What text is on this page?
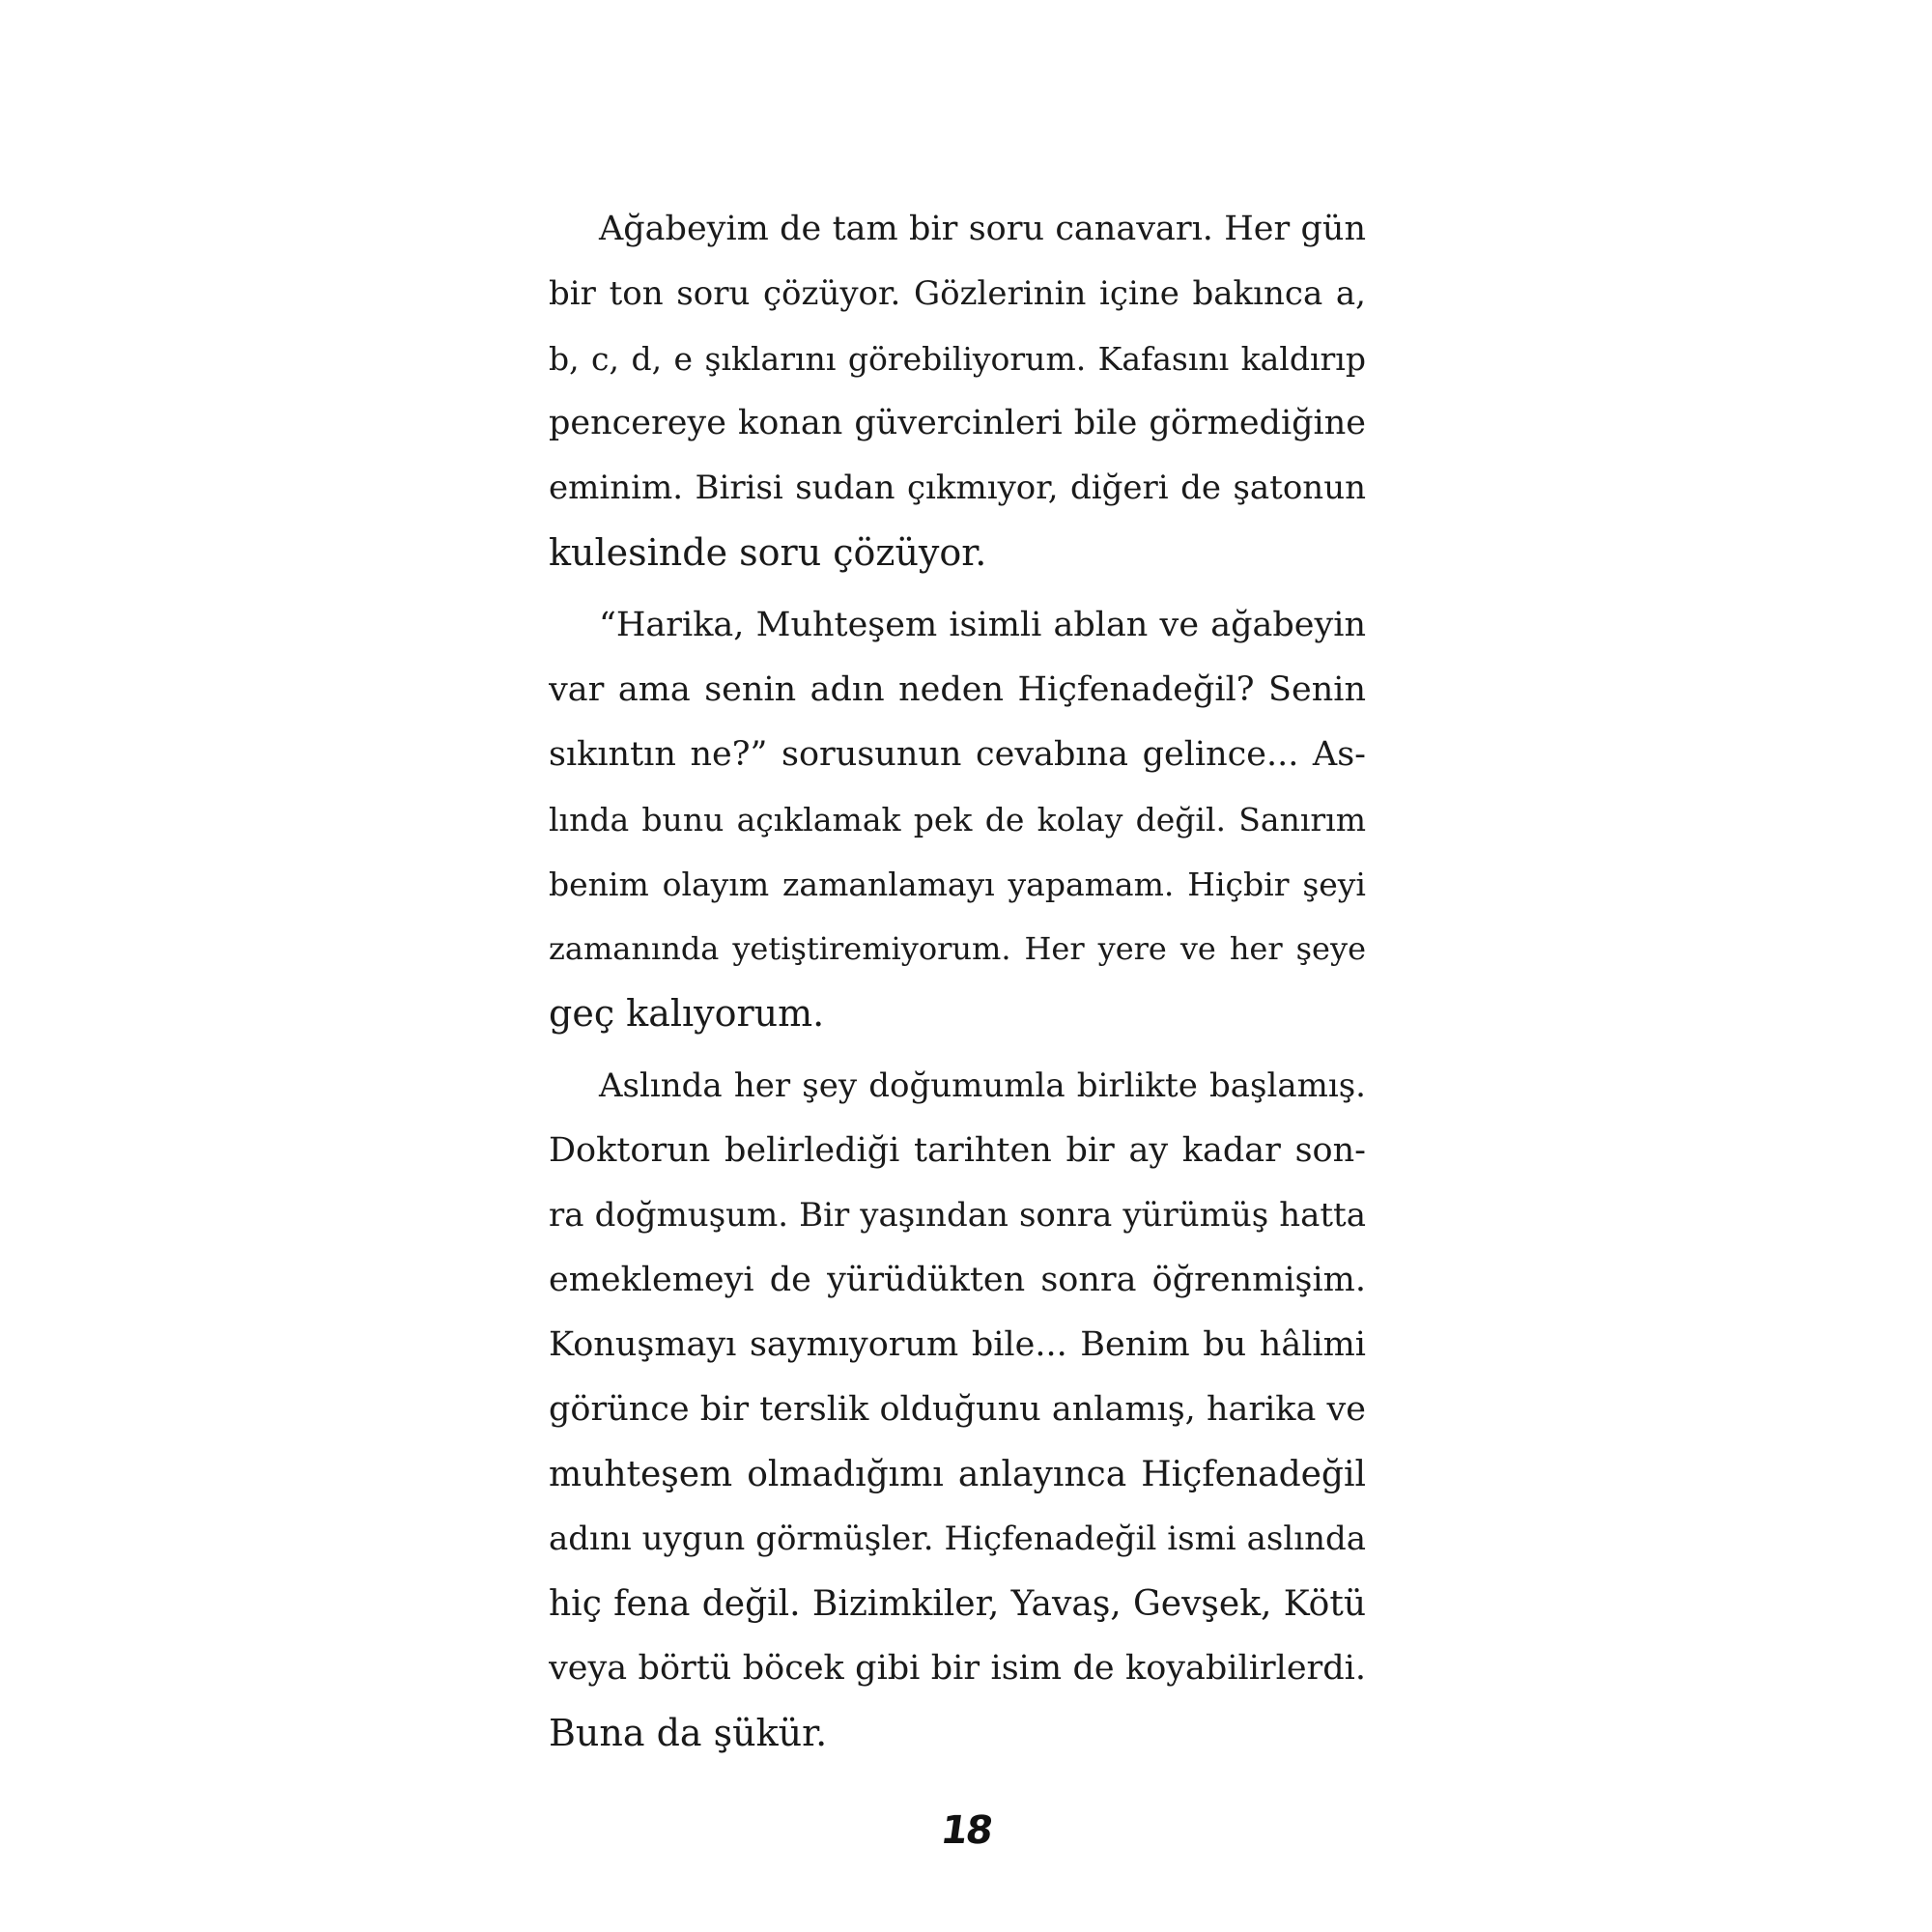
Ağabeyim de tam bir soru canavarı. Her gün
bir ton soru çözüyor. Gözlerinin içine bakınca a,
b, c, d, e şıklarını görebiliyorum. Kafasını kaldırıp
pencereye konan güvercinleri bile görmediğine
eminim. Birisi sudan çıkmıyor, diğeri de şatonun
kulesinde soru çözüyor.

“Harika, Muhteşem isimli ablan ve ağabeyin
var ama senin adın neden Hiçfenadeğil? Senin
sıkıntın ne?” sorusunun cevabına gelince... As-
lında bunu açıklamak pek de kolay değil. Sanırım
benim olayım zamanlamayı yapamam. Hiçbir şeyi
zamanında yetiştiremiyorum. Her yere ve her şeye
geç kalıyorum.

Aslında her şey doğumumla birlikte başlamış.
Doktorun belirlediği tarihten bir ay kadar son-
ra doğmuşum. Bir yaşından sonra yürümüş hatta
emeklemeyi de yürüdükten sonra öğrenmişim.
Konuşmayı saymıyorum bile... Benim bu hâlimi
görünce bir terslik olduğunu anlamış, harika ve
muhteşem olmadığımı anlayınca Hiçfenadeğil
adını uygun görmüşler. Hiçfenadeğil ismi aslında
hiç fena değil. Bizimkiler, Yavaş, Gevşek, Kötü
veya börtü böcek gibi bir isim de koyabilirlerdi.
Buna da şükür.

18
